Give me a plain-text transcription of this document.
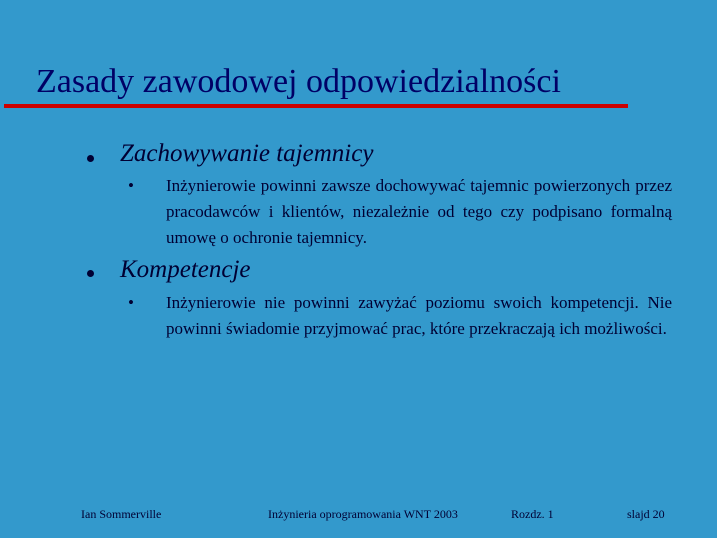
Zasady zawodowej odpowiedzialności
Zachowywanie tajemnicy
• Inżynierowie powinni zawsze dochowywać tajemnic powierzonych przez pracodawców i klientów, niezależnie od tego czy podpisano formalną umowę o ochronie tajemnicy.
Kompetencje
• Inżynierowie nie powinni zawyżać poziomu swoich kompetencji. Nie powinni świadomie przyjmować prac, które przekraczają ich możliwości.
Ian Sommerville	Inżynieria oprogramowania WNT 2003	Rozdz. 1	slajd 20
